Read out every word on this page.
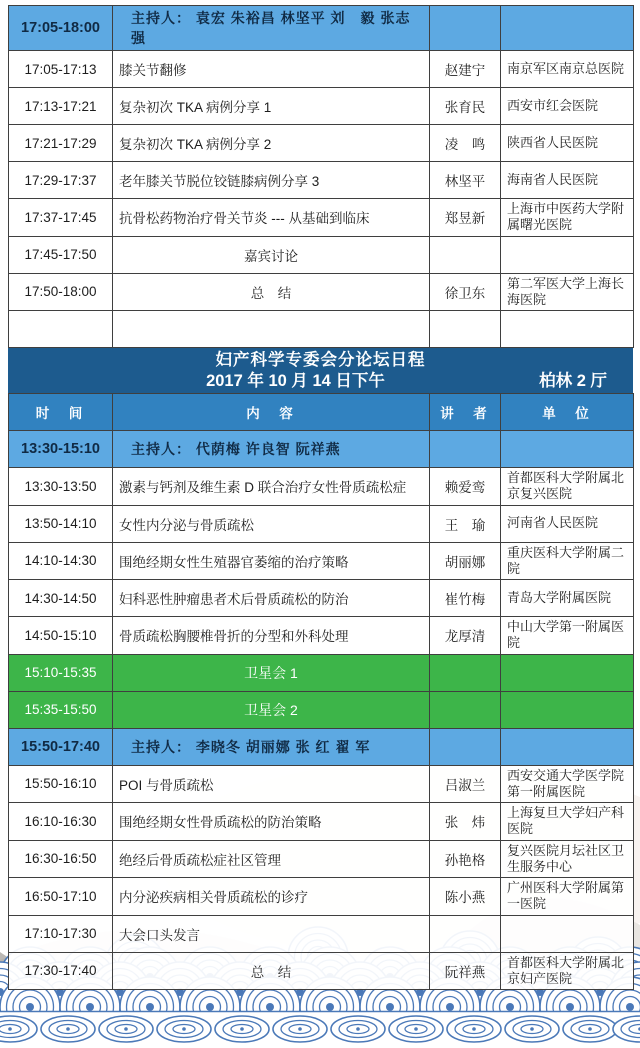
17:05-18:00	主持人： 袁宏 朱裕昌 林坚平 刘　毅 张志强		
17:05-17:13	膝关节翻修	赵建宁	南京军区南京总医院
17:13-17:21	复杂初次 TKA 病例分享 1	张育民	西安市红会医院
17:21-17:29	复杂初次 TKA 病例分享 2	凌　鸣	陕西省人民医院
17:29-17:37	老年膝关节脱位铰链膝病例分享 3	林坚平	海南省人民医院
17:37-17:45	抗骨松药物治疗骨关节炎 --- 从基础到临床	郑昱新	上海市中医药大学附属曙光医院
17:45-17:50	嘉宾讨论		
17:50-18:00	总　结	徐卫东	第二军医大学上海长海医院

妇产科学专委会分论坛日程
2017 年 10 月 14 日下午	柏林 2 厅
时　间	内　容	讲　者	单　位
13:30-15:10	主持人： 代荫梅 许良智 阮祥燕		
13:30-13:50	激素与钙剂及维生素 D 联合治疗女性骨质疏松症	赖爱鸾	首都医科大学附属北京复兴医院
13:50-14:10	女性内分泌与骨质疏松	王　瑜	河南省人民医院
14:10-14:30	围绝经期女性生殖器官萎缩的治疗策略	胡丽娜	重庆医科大学附属二院
14:30-14:50	妇科恶性肿瘤患者术后骨质疏松的防治	崔竹梅	青岛大学附属医院
14:50-15:10	骨质疏松胸腰椎骨折的分型和外科处理	龙厚清	中山大学第一附属医院
15:10-15:35	卫星会 1		
15:35-15:50	卫星会 2		
15:50-17:40	主持人： 李晓冬 胡丽娜 张 红 翟 军		
15:50-16:10	POI 与骨质疏松	吕淑兰	西安交通大学医学院第一附属医院
16:10-16:30	围绝经期女性骨质疏松的防治策略	张　炜	上海复旦大学妇产科医院
16:30-16:50	绝经后骨质疏松症社区管理	孙艳格	复兴医院月坛社区卫生服务中心
16:50-17:10	内分泌疾病相关骨质疏松的诊疗	陈小燕	广州医科大学附属第一医院
17:10-17:30	大会口头发言		
17:30-17:40	总　结	阮祥燕	首都医科大学附属北京妇产医院
